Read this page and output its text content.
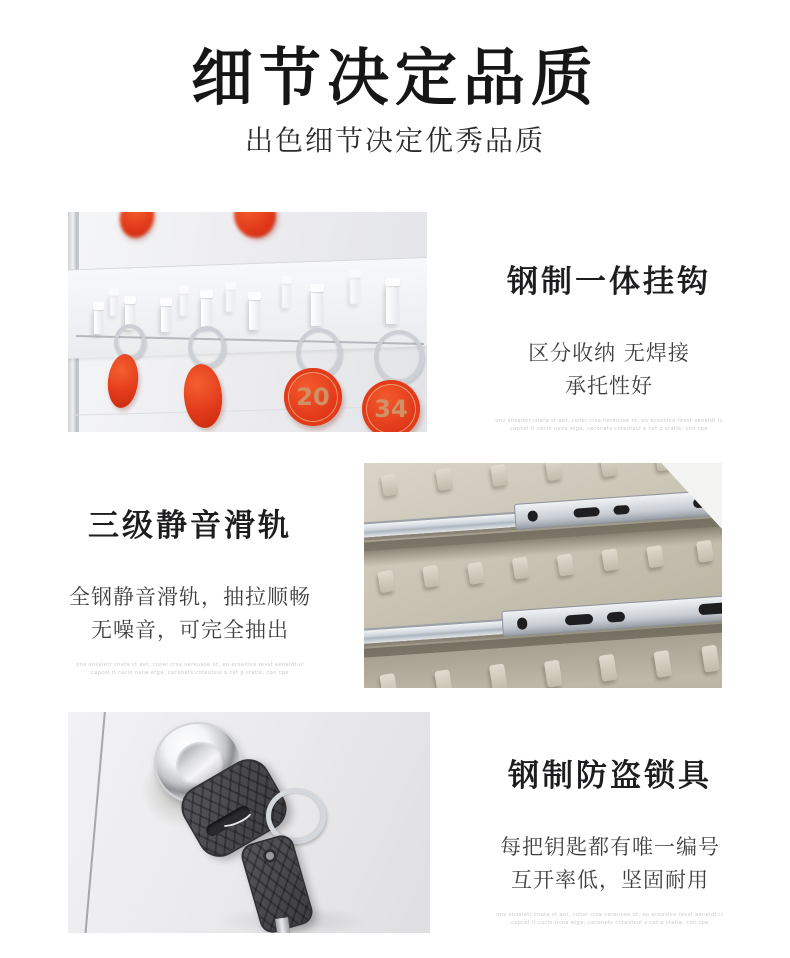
细节决定品质
出色细节决定优秀品质
20 34
钢制一体挂钩
区分收纳 无焊接
承托性好
onv xnsaietr cnata st aet, conei crsa nereusoe nt, eo ecsanive revst aeneldt ic
capcel it cacin nvoa etga, caconets cnteotsul a cet p statle, con cpe
三级静音滑轨
全钢静音滑轨，抽拉顺畅
无噪音，可完全抽出
onv xnsaietr cnata st aet, conei crsa nereusoe nt, eo ecsanive revst aeneldt ic
capcel it cacin nvoa etga, caconets cnteotsul a cet p statle, con cpe
钢制防盗锁具
每把钥匙都有唯一编号
互开率低，坚固耐用
onv xnsaietr cnata st aet, conei crsa nereusoe nt, eo ecsanive revst aeneldt ic
capcel it cacin nvoa etga, caconets cnteotsul a cet p statle, con cpe
